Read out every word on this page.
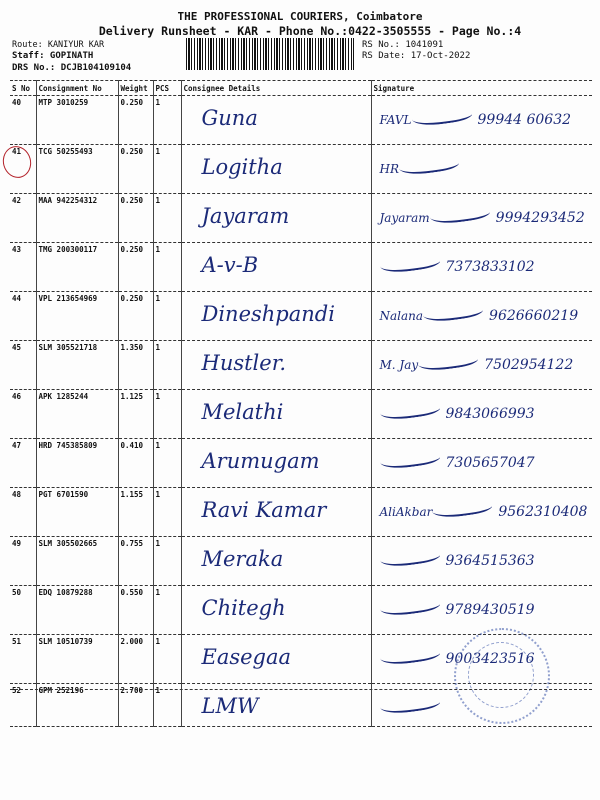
THE PROFESSIONAL COURIERS, Coimbatore
Delivery Runsheet - KAR - Phone No.:0422-3505555 - Page No.:4
Route: KANIYUR KAR
Staff: GOPINATH
DRS No.: DCJB104109104
RS No.: 1041091
RS Date: 17-Oct-2022
S No	Consignment No	Weight	PCS	Consignee Details	Signature
40	MTP 3010259	0.250	1	Guna	FAVL 99944 60632

41	TCG 50255493	0.250	1	Logitha	HR

42	MAA 942254312	0.250	1	Jayaram	Jayaram 9994293452

43	TMG 200300117	0.250	1	A-v-B	7373833102

44	VPL 213654969	0.250	1	Dineshpandi	Nalana 9626660219

45	SLM 305521718	1.350	1	Hustler.	M. Jay 7502954122

46	APK 1285244	1.125	1	Melathi	9843066993

47	HRD 745385809	0.410	1	Arumugam	7305657047

48	PGT 6701590	1.155	1	Ravi Kamar	AliAkbar 9562310408

49	SLM 305502665	0.755	1	Meraka	9364515363

50	EDQ 10879288	0.550	1	Chitegh	9789430519

51	SLM 10510739	2.000	1	Easegaa	9003423516

52	GPM 252196	2.700	1	LMW	
